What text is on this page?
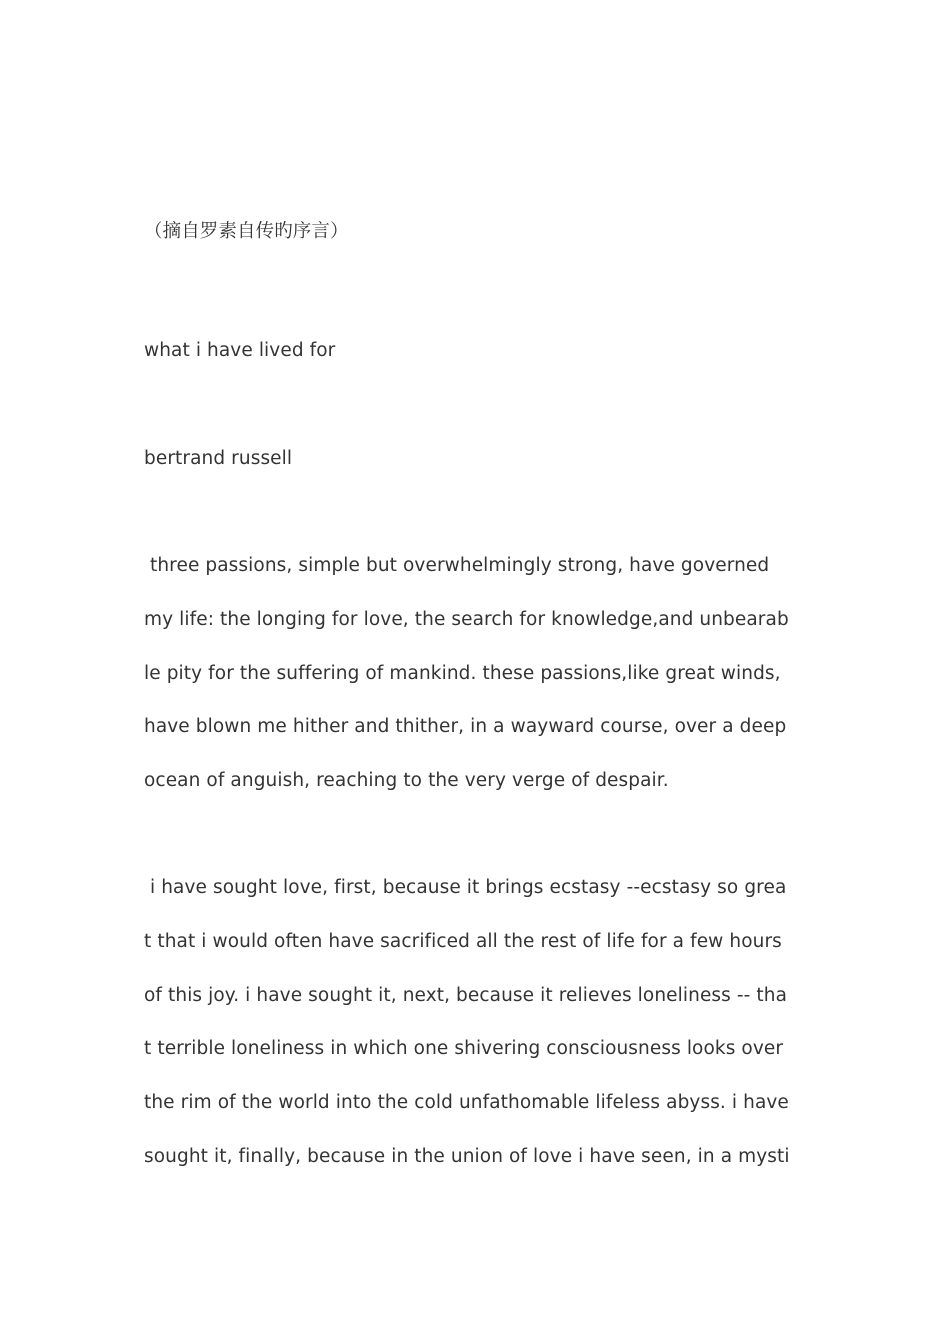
（摘自罗素自传旳序言）
what i have lived for
bertrand russell
three passions, simple but overwhelmingly strong, have governed
my life: the longing for love, the search for knowledge,and unbearab
le pity for the suffering of mankind. these passions,like great winds,
have blown me hither and thither, in a wayward course, over a deep
ocean of anguish, reaching to the very verge of despair.
i have sought love, first, because it brings ecstasy --ecstasy so grea
t that i would often have sacrificed all the rest of life for a few hours
of this joy. i have sought it, next, because it relieves loneliness -- tha
t terrible loneliness in which one shivering consciousness looks over
the rim of the world into the cold unfathomable lifeless abyss. i have
sought it, finally, because in the union of love i have seen, in a mysti
